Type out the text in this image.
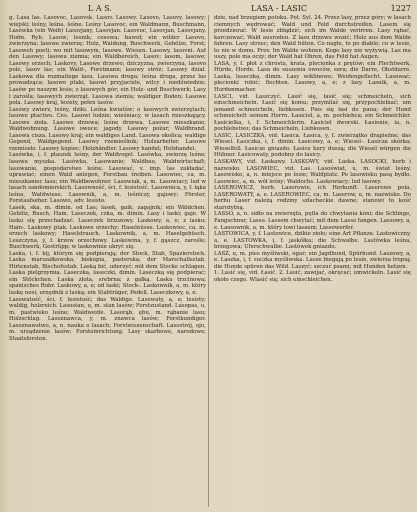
L A S.	LASA - LASIC	1227

g. Lasa las. Lasovoc, Lasovsk. Lasov. Lasowy. Lasovo, Lasovy. lasowy; wiejski; leśny, leśna, leśne. Leśny Lasovoc, ein Waldmann, Buschmann, Lasówka (ein Weib) Lasovjany, Lasovjan. Lasovoc, Lasovjan, Lasovjany. Hofm. Ryb. Lasow; lesnik; cosowa; bawoł; ein wilder Lasovo, zwierzyna; lasowe zwierzę; Holz, Waldung, Buschwerk, Gehölze, Forst; Lasoweh poeti; wo mit lasowym, lasowe. Wiesen. Lasowy, lasovni. Auf den Lasowy; lasowa ziemia; ein Waldbereich, Lasov; lasom, lasowe; Lasowy orzech; Laskovy, Lasowe drzewo; dziczyzna, zwierzyna, lasovo pole, lasov las; ein Wald-, Forstmann; lasowy stróż; Lasowy dział. Laskowa dla rozmaitego lasu. Lasowa droga; leśna droga, przez las prowadząca; lasowe ptaki, lasowi przyjaciele, wilcy i niedźwiedzie; Lasów po naszym lesie; z lasowych gór; ein Holz- und Buschwerk; Lasy i zarośla; lasowych zwierząt. Lasowa ziemia; waldiger Boden; Lasowe pola. Lasowy kraj, lesisty, pełen lasów.

Lasowy zwierz, leśny, dziki. Leśna kwiatów; o lasowych zwierzętach; lasowe ptactwo. Ces. Lasowi ludzie; wieśniacy, w lasach mieszkający. Lasowe zioła. Lasowe drzewa; leśne drzewa. Lasowe mieszkanie; Waldwohnung. Lasowe owoce; jagody. Lasowy pożar; Waldbrand. Lasowa cisza. Lasowy kraj; ein waldiges Land. Lasowa okolica; waldige Gegend, Waldgegend. Lasowy rzemieślnik; Holzarbeiter. Lasowe rzemiosło. Lasowy kupiec; Holzhändler. Lasowy handel; Holzhandel.

Lasówka, i, f. ptaszek leśny, der Waldvogel. Lasówka, zwierzę leśne; lasowa myszka. Lasówka, Lasowanie; Waldbau, Waldwirtschaft; lasowanie, gospodarstwo leśne. Lasować, v. imp. las zakładać, uprawiać; einen Wald anlegen, Forstbau treiben. Lasowiec, ca, m. mieszkaniec lasu; ein Waldbewohner. Lasowiak, a, m. Lasowiacy, lud w lasach sandomierskich. Lasowność, ści, f. lesistość. Lasownica, y, f. łąka leśna, Waldwiese. Lasownik, a, m. leśniczy, gajowy; Förster, Forstaufseher. Lasowo, adv. lesisto.

Lasek, ska, m. dimin. od Las; lasek, gaik, zagajnik; ein Wäldchen, Gehölz, Busch, Hain. Laseczek, czka, m. dimin. Lasy i laski; gaje. W lasku się przechadzać. Laseczek brzozowy. Laskowy, a, e; z lasku; Hain-. Laskowy ptak. Laskowe orzechy; Haselnüsse. Laskowiec, ca, m. orzech laskowy; Haselstrauch. Laskownik, a, m. Haselgebüsch. Leszczyna, y, f. krzew orzechowy. Laskowina, y, f. gąszcz, zarośle; Buschwerk, Gestrüpp; w laskowinie ukryć się.

Laska, i, f. kij, którym się podpierają; der Stock, Stab, Spazierstock. Laska marszałkowska, biskupia, pasterska; der Marschallsstab, Hirtenstab, Bischofsstab. Laską bić, uderzyć; mit dem Stocke schlagen. Laska pielgrzymia. Laseczka, laseczki, dimin. Laseczką się podpierać; ein Stöckchen. Laska złota, srebrna; z gałką. Laska trzcinowa; spanisches Rohr. Laskowy, a, e; od laski; Stock-. Laskownik, a, m. który laskę nosi, urzędnik z laską; ein Stabträger, Pedell. Laseczkowy, a, e.

Lasowatość, ści, f. lesistość; das Waldige. Lasowaty, a, e; lesisty; waldig, holzreich. Lasostan, u, m. stan lasów; Forstzustand. Lasopas, u, m. pastwisko leśne; Waldweide. Lasorąb, ębu, m. rąbanie lasu; Holzschlag. Lasoznawca, y, m. znawca lasów; Forstkundiger. Lasoznawstwo, a, n. nauka o lasach; Forstwissenschaft. Lasostrój, oju, m. urządzenie lasów; Forsteinrichtung. Lasy skarbowe, narodowe; Staatsforsten.

dzie, nad brzegiem potoku. Pot. Syl. 24. Przez lasy, przez góry; w lasach ciemnych wędrować; Wald und Feld durchstreifen. Lasem się przedzierać. W lesie zbłądzić; sich im Walde verirren. Lasy rąbać, karczować; Wald ausroden. Z lasu drzewo wozić; Holz aus dem Walde fahren. Lasy strzec; den Wald hüten. Co nagle, to po diable; co w lesie, to nie w domu. Prov. Im Walde wohnen. Kogo lasy nie wyżywią. Las ma uszy, pole ma oczy; der Wald hat Ohren, das Feld hat Augen.

LASA, y, f. płot z chróstu, krata, plecionka z prętów; ein Flechtwerk, Hürde, Horde. Lasa do suszenia owoców, sera; die Darre, Obstdarre. Laska, laseczka, dimin. Lasy wiklinowe; Weidengeflecht. Lasować; plecionki robić; flechten. Lasowy, a, e; z lasy. Lasnik, a, m. Hordenmacher.

LASCI, vid. Laszczyć. Lasić się, łasić się; schmeicheln, sich einschmeicheln. Łasić się komu; przymilać się, przypochlebiać; um jemand schmeicheln, liebkosen. Pies się łasi do pana; der Hund schmeichelt seinem Herrn. Łasiciel, a, m. pochlebca; ein Schmeichler. Łasicielka, i, f. Schmeichlerin. Łasiciel dworski. Łasienie, ia, n. pochlebstwo; das Schmeicheln, Liebkosen.

LASIC, LASICZKA, vid. Łasica. Łasica, y, f. zwierzątko drapieżne; das Wiesel. Łasiczka, i, f. dimin. Łasicowy, a, e; Wiesel-. Łasicza skórka; Wieselfell. Łasicze gniazdo. Łasice kury duszą; die Wiesel würgen die Hühner. Łasicowaty, podobny do łasicy.

LASKAWY, vid. Łaskawy. LASKOWY, vid. Laska. LASOCKI, herb i nazwisko. LASOWIEC, vid. Las. Lasoświat, u, m. świat leśny. Lasowisko, a, n. miejsce po lesie; Waldplatz. Po lasowisku pasą bydło. Lasowiec, a, m. wół leśny; Waldochs. Laskowiacy; lud lasowy.

LASEROWICZ, herb. Laserowie, ich Herkunft. Laserowe pola. LASEROWATY, a, e. LASEROWIEC, ca, m. Laserow, u, m. nazwisko. Do herbu Laser należą rodziny szlacheckie dawne; stanowi to kość starożytną.

LASSO, a, n. sidło na zwierzęta, pętla do chwytania koni; die Schlinge, Fangschnur, Lasso. Lassem chwytać; mit dem Lasso fangen. Lassowy, a, e. Lassownik, a, m. który łowi lassem; Lassowerfer.

LASTOWICA, y, f. Lastowice, dzikie zioło; eine Art Pflanze. Lastowiczny, a, e. LASTOWKA, i, f. jaskółka; die Schwalbe. Lastówka leśna, brzegowa; Uferschwalbe. Lastówek gniazdo.

LASZ, u, m. pies myśliwski, ogar; ein Jagdhund, Spürhund. Laszowy, a, e. Laszka, i, f. suczka myśliwska. Lasze biegają po lesie, zwierza tropią; die Hunde spüren das Wild. Laszyć; szczuć psami; mit Hunden hetzen.

1. Lasić się, vid. Łasić. 2. Lasić, zawijać, okręcać; umwickeln. Lasić się około czego. Wlasić się; sich einschleichen.
